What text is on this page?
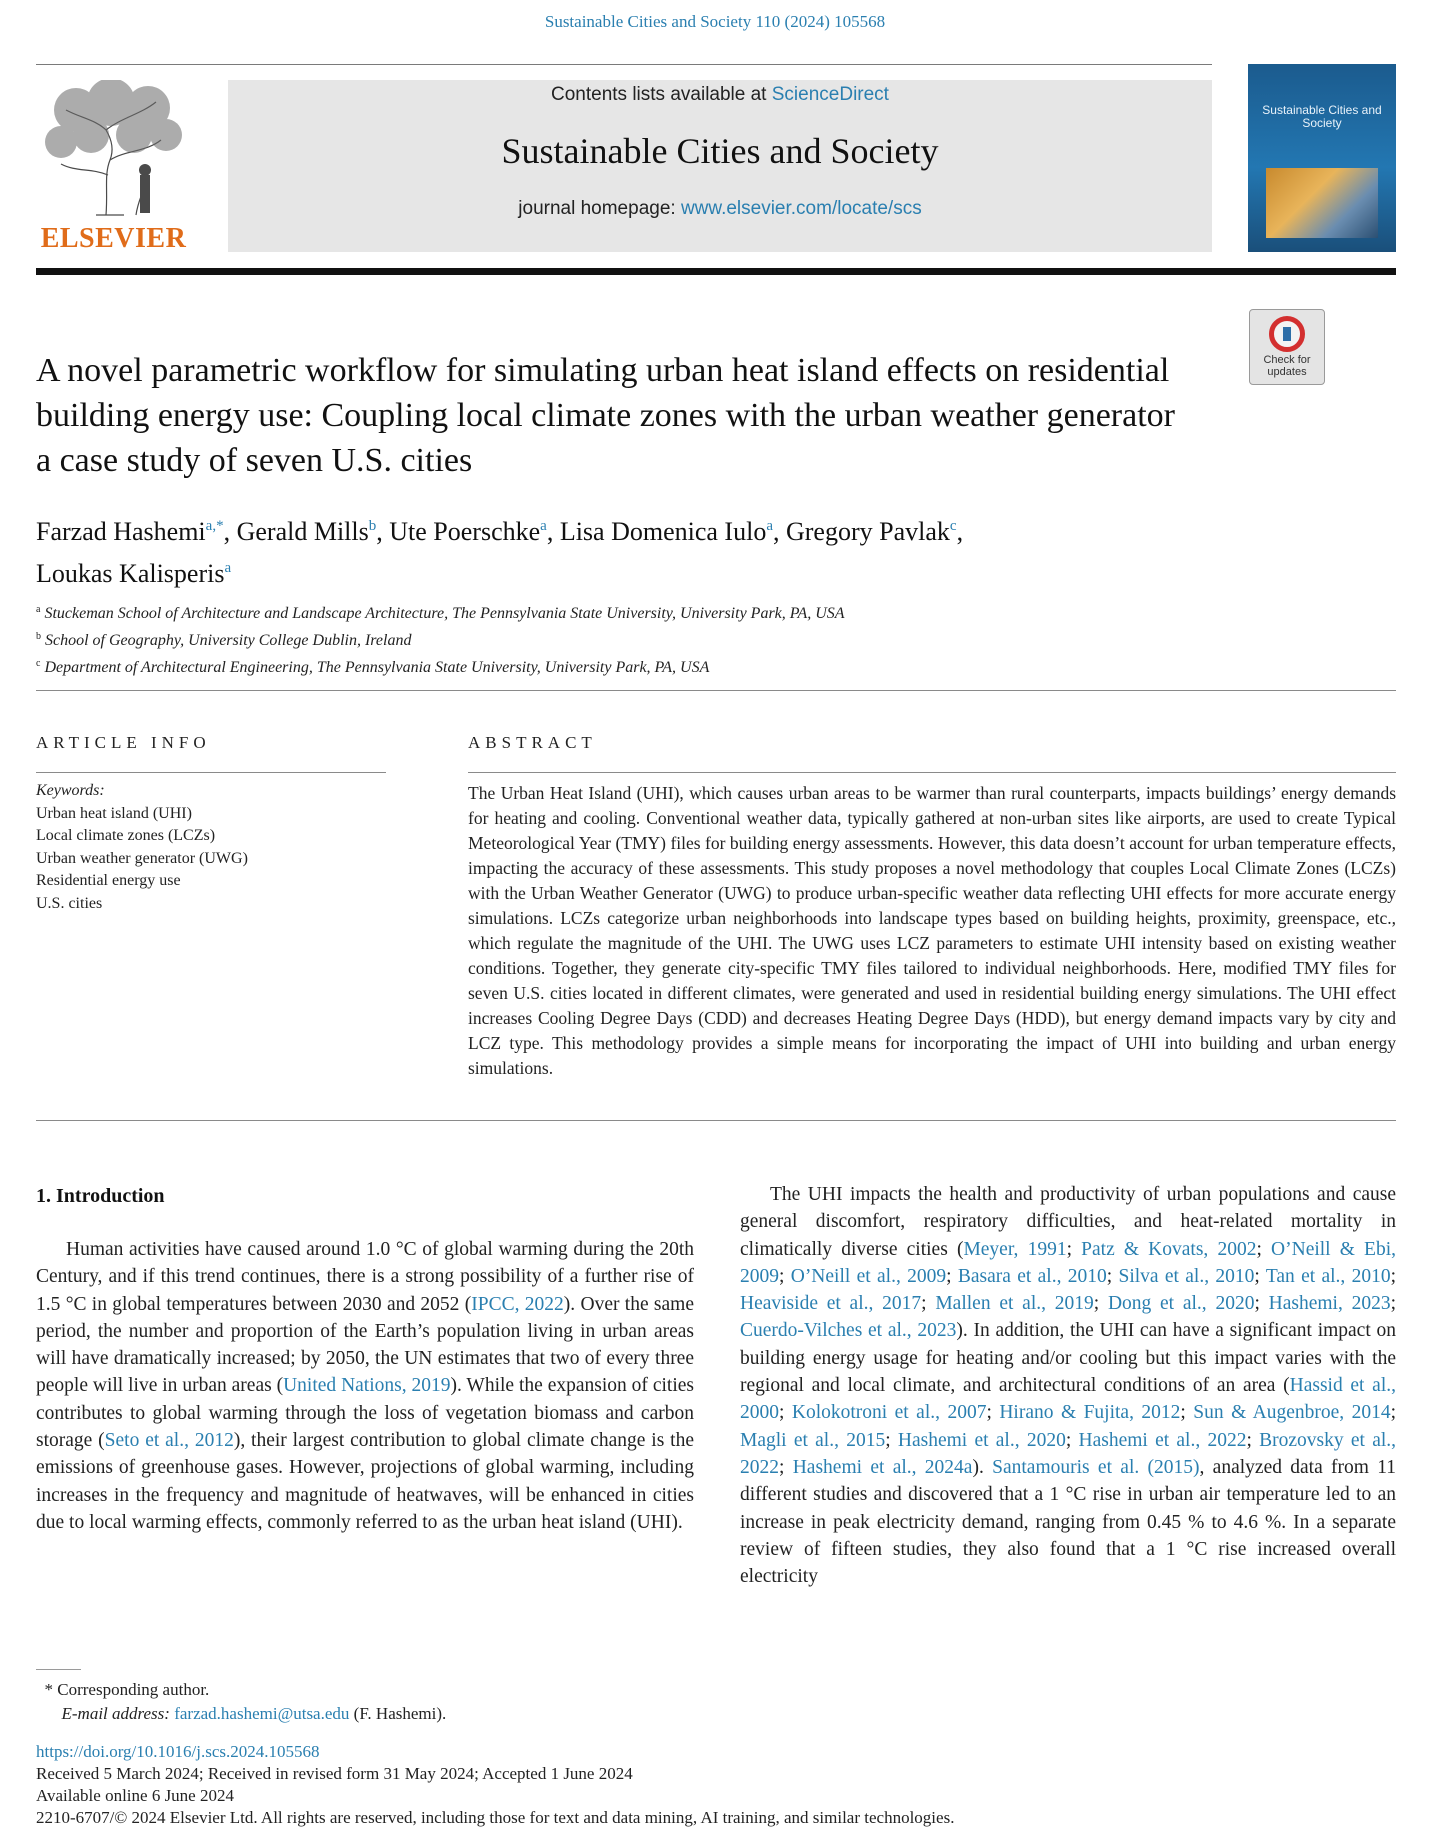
Sustainable Cities and Society 110 (2024) 105568
ELSEVIER
Contents lists available at ScienceDirect
Sustainable Cities and Society
journal homepage: www.elsevier.com/locate/scs
Sustainable Cities and Society
Check for updates
A novel parametric workflow for simulating urban heat island effects on residential building energy use: Coupling local climate zones with the urban weather generator a case study of seven U.S. cities
Farzad Hashemi$^{a,*}$, Gerald Mills$^b$, Ute Poerschke$^a$, Lisa Domenica Iulo$^a$, Gregory Pavlak$^c$,
Loukas Kalisperis$^a$
$^a$ Stuckeman School of Architecture and Landscape Architecture, The Pennsylvania State University, University Park, PA, USA
$^b$ School of Geography, University College Dublin, Ireland
$^c$ Department of Architectural Engineering, The Pennsylvania State University, University Park, PA, USA
ARTICLE INFO
Keywords:
Urban heat island (UHI)
Local climate zones (LCZs)
Urban weather generator (UWG)
Residential energy use
U.S. cities
ABSTRACT
The Urban Heat Island (UHI), which causes urban areas to be warmer than rural counterparts, impacts buildings’ energy demands for heating and cooling. Conventional weather data, typically gathered at non-urban sites like airports, are used to create Typical Meteorological Year (TMY) files for building energy assessments. However, this data doesn’t account for urban temperature effects, impacting the accuracy of these assessments. This study proposes a novel methodology that couples Local Climate Zones (LCZs) with the Urban Weather Generator (UWG) to produce urban-specific weather data reflecting UHI effects for more accurate energy simulations. LCZs categorize urban neighborhoods into landscape types based on building heights, proximity, greenspace, etc., which regulate the magnitude of the UHI. The UWG uses LCZ parameters to estimate UHI intensity based on existing weather conditions. Together, they generate city-specific TMY files tailored to individual neighborhoods. Here, modified TMY files for seven U.S. cities located in different climates, were generated and used in residential building energy simulations. The UHI effect increases Cooling Degree Days (CDD) and decreases Heating Degree Days (HDD), but energy demand impacts vary by city and LCZ type. This methodology provides a simple means for incorporating the impact of UHI into building and urban energy simulations.
1. Introduction

Human activities have caused around 1.0 °C of global warming during the 20th Century, and if this trend continues, there is a strong possibility of a further rise of 1.5 °C in global temperatures between 2030 and 2052 (IPCC, 2022). Over the same period, the number and proportion of the Earth’s population living in urban areas will have dramatically increased; by 2050, the UN estimates that two of every three people will live in urban areas (United Nations, 2019). While the expansion of cities contributes to global warming through the loss of vegetation biomass and carbon storage (Seto et al., 2012), their largest contribution to global climate change is the emissions of greenhouse gases. However, projections of global warming, including increases in the frequency and magnitude of heatwaves, will be enhanced in cities due to local warming effects, commonly referred to as the urban heat island (UHI).

The UHI impacts the health and productivity of urban populations and cause general discomfort, respiratory difficulties, and heat-related mortality in climatically diverse cities (Meyer, 1991; Patz & Kovats, 2002; O’Neill & Ebi, 2009; O’Neill et al., 2009; Basara et al., 2010; Silva et al., 2010; Tan et al., 2010; Heaviside et al., 2017; Mallen et al., 2019; Dong et al., 2020; Hashemi, 2023; Cuerdo-Vilches et al., 2023). In addition, the UHI can have a significant impact on building energy usage for heating and/or cooling but this impact varies with the regional and local climate, and architectural conditions of an area (Hassid et al., 2000; Kolokotroni et al., 2007; Hirano & Fujita, 2012; Sun & Augenbroe, 2014; Magli et al., 2015; Hashemi et al., 2020; Hashemi et al., 2022; Brozovsky et al., 2022; Hashemi et al., 2024a). Santamouris et al. (2015), analyzed data from 11 different studies and discovered that a 1 °C rise in urban air temperature led to an increase in peak electricity demand, ranging from 0.45 % to 4.6 %. In a separate review of fifteen studies, they also found that a 1 °C rise increased overall electricity

* Corresponding author.
E-mail address: farzad.hashemi@utsa.edu (F. Hashemi).
https://doi.org/10.1016/j.scs.2024.105568
Received 5 March 2024; Received in revised form 31 May 2024; Accepted 1 June 2024
Available online 6 June 2024
2210-6707/© 2024 Elsevier Ltd. All rights are reserved, including those for text and data mining, AI training, and similar technologies.
